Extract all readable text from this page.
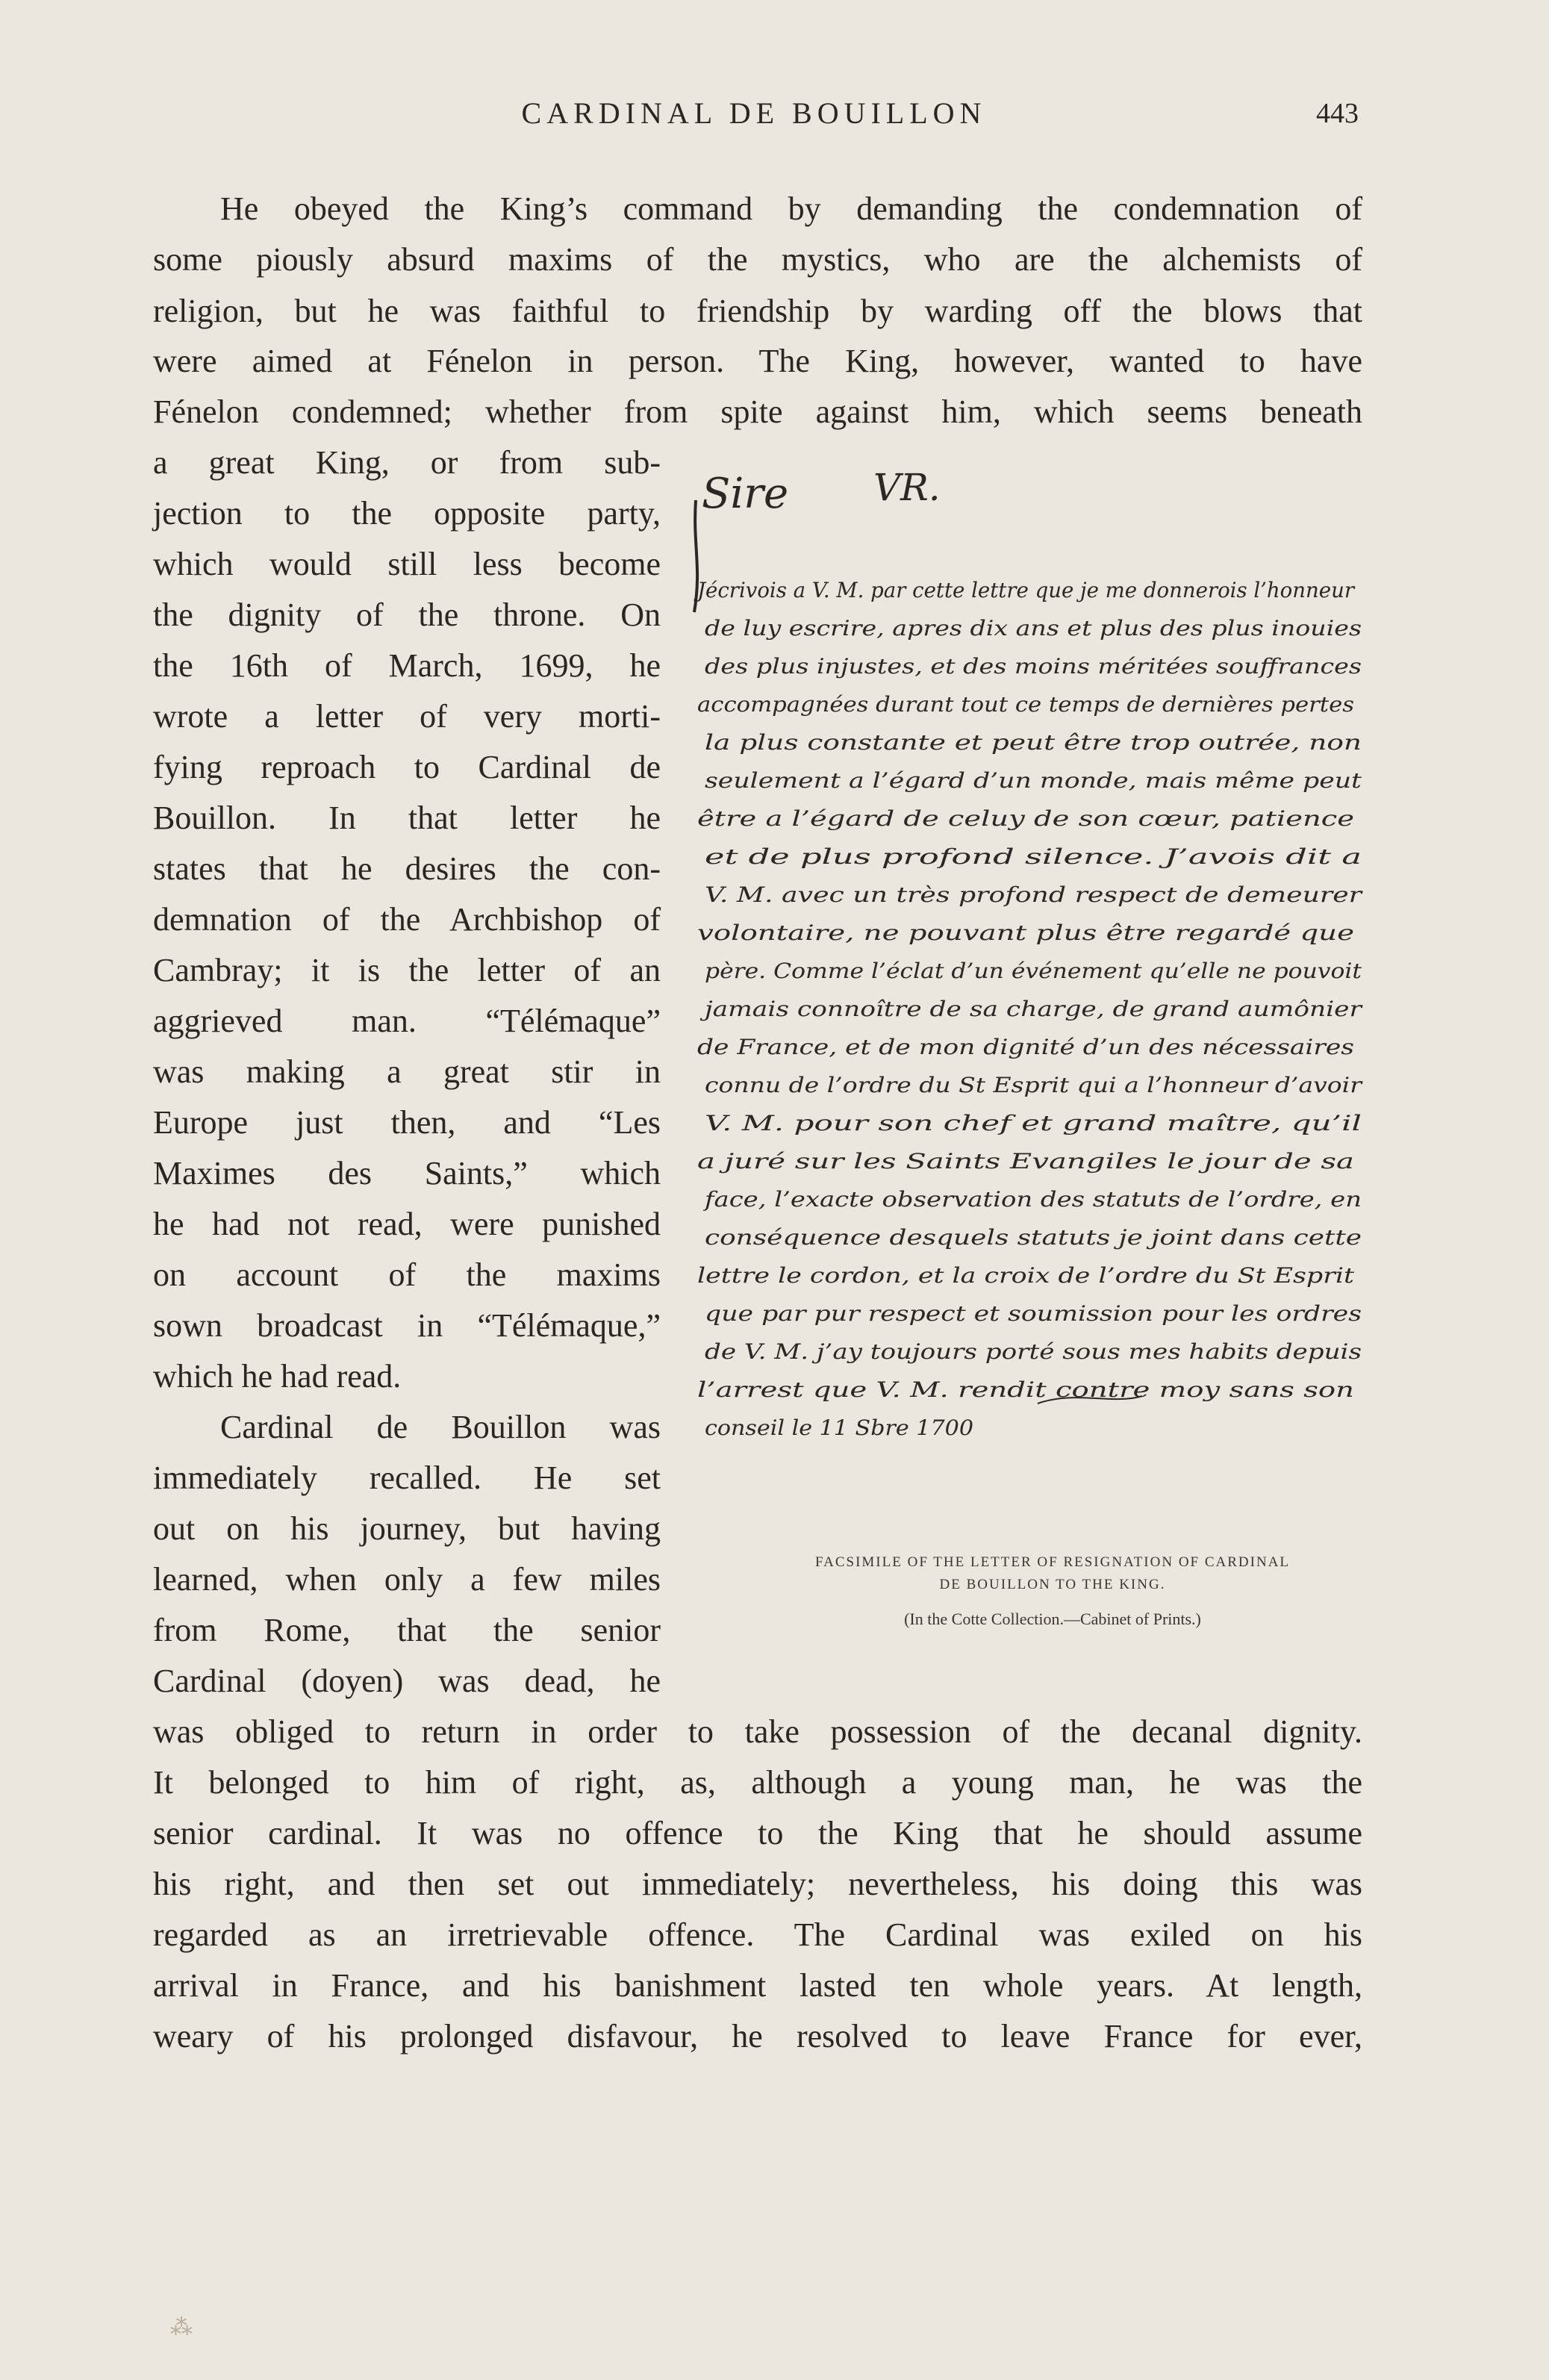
CARDINAL DE BOUILLON	443
He obeyed the King’s command by demanding the condemnation of
some piously absurd maxims of the mystics, who are the alchemists of
religion, but he was faithful to friendship by warding off the blows that
were aimed at Fénelon in person. The King, however, wanted to have
Fénelon condemned; whether from spite against him, which seems beneath
a great King, or from sub-
jection to the opposite party,
which would still less become
the dignity of the throne. On
the 16th of March, 1699, he
wrote a letter of very morti-
fying reproach to Cardinal de
Bouillon. In that letter he
states that he desires the con-
demnation of the Archbishop of
Cambray; it is the letter of an
aggrieved man. “Télémaque”
was making a great stir in
Europe just then, and “Les
Maximes des Saints,” which
he had not read, were punished
on account of the maxims
sown broadcast in “Télémaque,”
which he had read.
Cardinal de Bouillon was
immediately recalled. He set
out on his journey, but having
learned, when only a few miles
from Rome, that the senior
Cardinal (doyen) was dead, he
was obliged to return in order to take possession of the decanal dignity.
It belonged to him of right, as, although a young man, he was the
senior cardinal. It was no offence to the King that he should assume
his right, and then set out immediately; nevertheless, his doing this was
regarded as an irretrievable offence. The Cardinal was exiled on his
arrival in France, and his banishment lasted ten whole years. At length,
weary of his prolonged disfavour, he resolved to leave France for ever,
Sire VR.
Jécrivois a V. M. par cette lettre que je me donnerois l’honneur
de luy escrire, apres dix ans et plus des plus inouies
des plus injustes, et des moins méritées souffrances
accompagnées durant tout ce temps de dernières pertes
la plus constante et peut être trop outrée, non
seulement a l’égard d’un monde, mais même peut
être a l’égard de celuy de son cœur, patience
et de plus profond silence. J’avois dit a
V. M. avec un très profond respect de demeurer
volontaire, ne pouvant plus être regardé que
père. Comme l’éclat d’un événement qu’elle ne pouvoit
jamais connoître de sa charge, de grand aumônier
de France, et de mon dignité d’un des nécessaires
connu de l’ordre du St Esprit qui a l’honneur d’avoir
V. M. pour son chef et grand maître, qu’il
a juré sur les Saints Evangiles le jour de sa
face, l’exacte observation des statuts de l’ordre, en
conséquence desquels statuts je joint dans cette
lettre le cordon, et la croix de l’ordre du St Esprit
que par pur respect et soumission pour les ordres
de V. M. j’ay toujours porté sous mes habits depuis
l’arrest que V. M. rendit contre moy sans son
conseil le 11 Sbre 1700
FACSIMILE OF THE LETTER OF RESIGNATION OF CARDINAL
DE BOUILLON TO THE KING.
(In the Cotte Collection.—Cabinet of Prints.)
⁂
